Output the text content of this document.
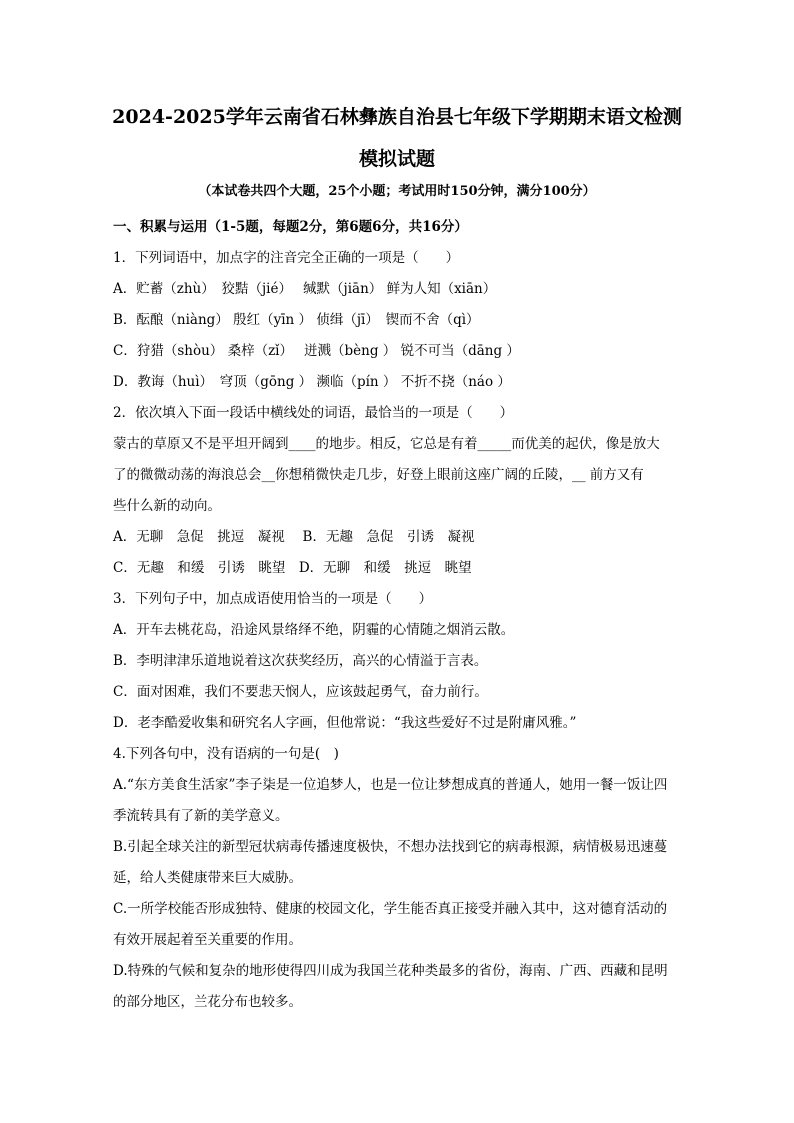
2024-2025学年云南省石林彝族自治县七年级下学期期末语文检测
模拟试题
（本试卷共四个大题，25个小题；考试用时150分钟，满分100分）
一、积累与运用（1-5题，每题2分，第6题6分，共16分）
1．下列词语中，加点字的注音完全正确的一项是（　　）
A．贮蓄（zhù）　狡黠（jié）　 缄默（jiān） 鲜为人知（xiān）
B．酝酿（niàng） 殷红（yīn ） 侦缉（jī）　锲而不舍（qì）
C．狩猎（shòu） 桑梓（zǐ）　 迸溅（bèng ） 锐不可当（dāng ）
D．教诲（huì）　穹顶（gōng ） 濒临（pín ） 不折不挠（náo ）
2．依次填入下面一段话中横线处的词语，最恰当的一项是（　　）
蒙古的草原又不是平坦开阔到____的地步。相反，它总是有着_____而优美的起伏，像是放大
了的微微动荡的海浪总会__你想稍微快走几步，好登上眼前这座广阔的丘陵，__ 前方又有
些什么新的动向。
A．无聊　急促　挑逗　凝视　 B．无趣　急促　引诱　凝视
C．无趣　和缓　引诱　眺望　D．无聊　和缓　挑逗　眺望
3．下列句子中，加点成语使用恰当的一项是（　　）
A．开车去桃花岛，沿途风景络绎不绝，阴霾的心情随之烟消云散。
B．李明津津乐道地说着这次获奖经历，高兴的心情溢于言表。
C．面对困难，我们不要悲天悯人，应该鼓起勇气，奋力前行。
D．老李酷爱收集和研究名人字画，但他常说：“我这些爱好不过是附庸风雅。”
4.下列各句中，没有语病的一句是(　)
A.“东方美食生活家”李子柒是一位追梦人，也是一位让梦想成真的普通人，她用一餐一饭让四
季流转具有了新的美学意义。
B.引起全球关注的新型冠状病毒传播速度极快，不想办法找到它的病毒根源，病情极易迅速蔓
延，给人类健康带来巨大威胁。
C.一所学校能否形成独特、健康的校园文化，学生能否真正接受并融入其中，这对德育活动的
有效开展起着至关重要的作用。
D.特殊的气候和复杂的地形使得四川成为我国兰花种类最多的省份，海南、广西、西藏和昆明
的部分地区，兰花分布也较多。
